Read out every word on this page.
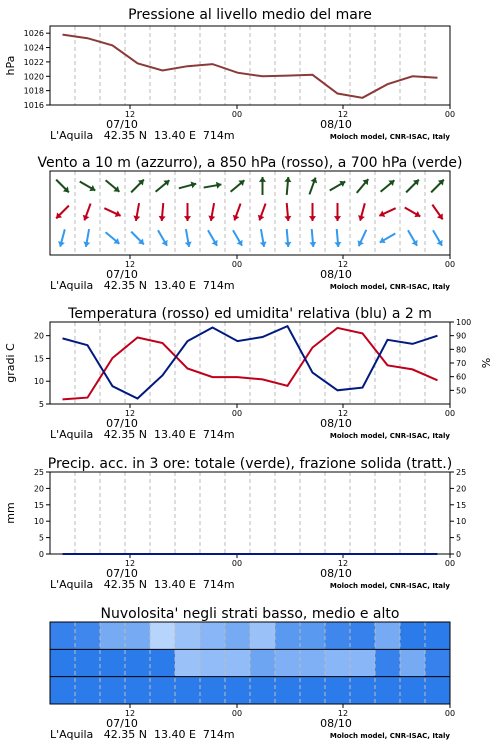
12	00	12	00
07/10	08/10
L'Aquila   42.35 N  13.40 E  714m	Moloch model, CNR-ISAC, Italy
Pressione al livello medio del mare
1016
1018
1020
1022
1024
1026
hPa
12	00	12	00
07/10	08/10
L'Aquila   42.35 N  13.40 E  714m	Moloch model, CNR-ISAC, Italy
Vento a 10 m (azzurro), a 850 hPa (rosso), a 700 hPa (verde)
12	00	12	00
07/10	08/10
L'Aquila   42.35 N  13.40 E  714m	Moloch model, CNR-ISAC, Italy
Temperatura (rosso) ed umidita' relativa (blu) a 2 m
5
10
15
20
gradi C
50
60
70
80
90
100
%
12	00	12	00
07/10	08/10
L'Aquila   42.35 N  13.40 E  714m	Moloch model, CNR-ISAC, Italy
Precip. acc. in 3 ore: totale (verde), frazione solida (tratt.)
0
5
10
15
20
25
mm
0
5
10
15
20
25
12	00	12	00
07/10	08/10
L'Aquila   42.35 N  13.40 E  714m	Moloch model, CNR-ISAC, Italy
Nuvolosita' negli strati basso, medio e alto
